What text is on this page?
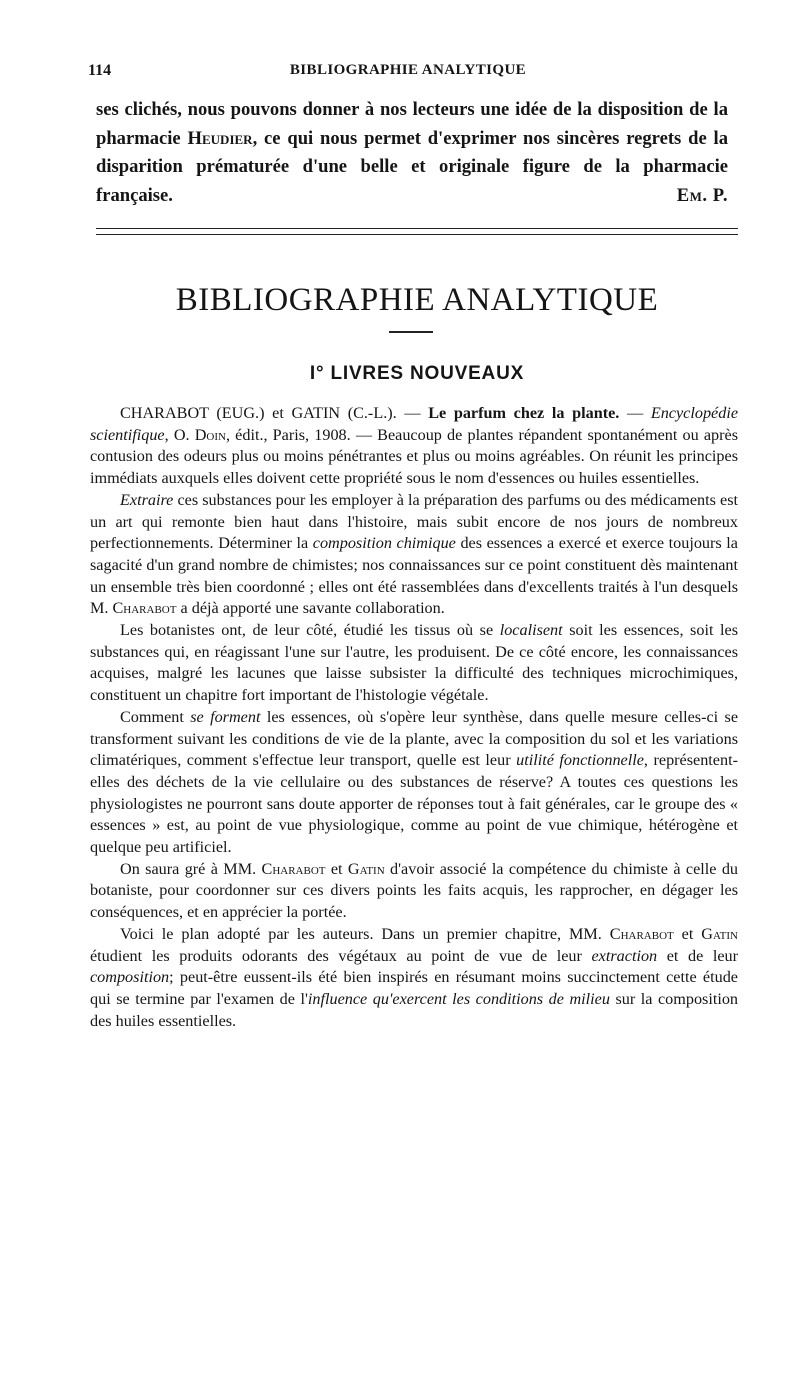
114	BIBLIOGRAPHIE ANALYTIQUE

ses clichés, nous pouvons donner à nos lecteurs une idée de la disposition de la pharmacie Heudier, ce qui nous permet d'exprimer nos sincères regrets de la disparition prématurée d'une belle et originale figure de la pharmacie française.	Em. P.

BIBLIOGRAPHIE ANALYTIQUE
I° LIVRES NOUVEAUX

CHARABOT (EUG.) et GATIN (C.-L.). — Le parfum chez la plante. — Encyclopédie scientifique, O. Doin, édit., Paris, 1908. — Beaucoup de plantes répandent spontanément ou après contusion des odeurs plus ou moins pénétrantes et plus ou moins agréables. On réunit les principes immédiats auxquels elles doivent cette propriété sous le nom d'essences ou huiles essentielles.

Extraire ces substances pour les employer à la préparation des parfums ou des médicaments est un art qui remonte bien haut dans l'histoire, mais subit encore de nos jours de nombreux perfectionnements. Déterminer la composition chimique des essences a exercé et exerce toujours la sagacité d'un grand nombre de chimistes; nos connaissances sur ce point constituent dès maintenant un ensemble très bien coordonné ; elles ont été rassemblées dans d'excellents traités à l'un desquels M. Charabot a déjà apporté une savante collaboration.

Les botanistes ont, de leur côté, étudié les tissus où se localisent soit les essences, soit les substances qui, en réagissant l'une sur l'autre, les produisent. De ce côté encore, les connaissances acquises, malgré les lacunes que laisse subsister la difficulté des techniques microchimiques, constituent un chapitre fort important de l'histologie végétale.

Comment se forment les essences, où s'opère leur synthèse, dans quelle mesure celles-ci se transforment suivant les conditions de vie de la plante, avec la composition du sol et les variations climatériques, comment s'effectue leur transport, quelle est leur utilité fonctionnelle, représentent-elles des déchets de la vie cellulaire ou des substances de réserve? A toutes ces questions les physiologistes ne pourront sans doute apporter de réponses tout à fait générales, car le groupe des « essences » est, au point de vue physiologique, comme au point de vue chimique, hétérogène et quelque peu artificiel.

On saura gré à MM. Charabot et Gatin d'avoir associé la compétence du chimiste à celle du botaniste, pour coordonner sur ces divers points les faits acquis, les rapprocher, en dégager les conséquences, et en apprécier la portée.

Voici le plan adopté par les auteurs. Dans un premier chapitre, MM. Charabot et Gatin étudient les produits odorants des végétaux au point de vue de leur extraction et de leur composition; peut-être eussent-ils été bien inspirés en résumant moins succinctement cette étude qui se termine par l'examen de l'influence qu'exercent les conditions de milieu sur la composition des huiles essentielles.
